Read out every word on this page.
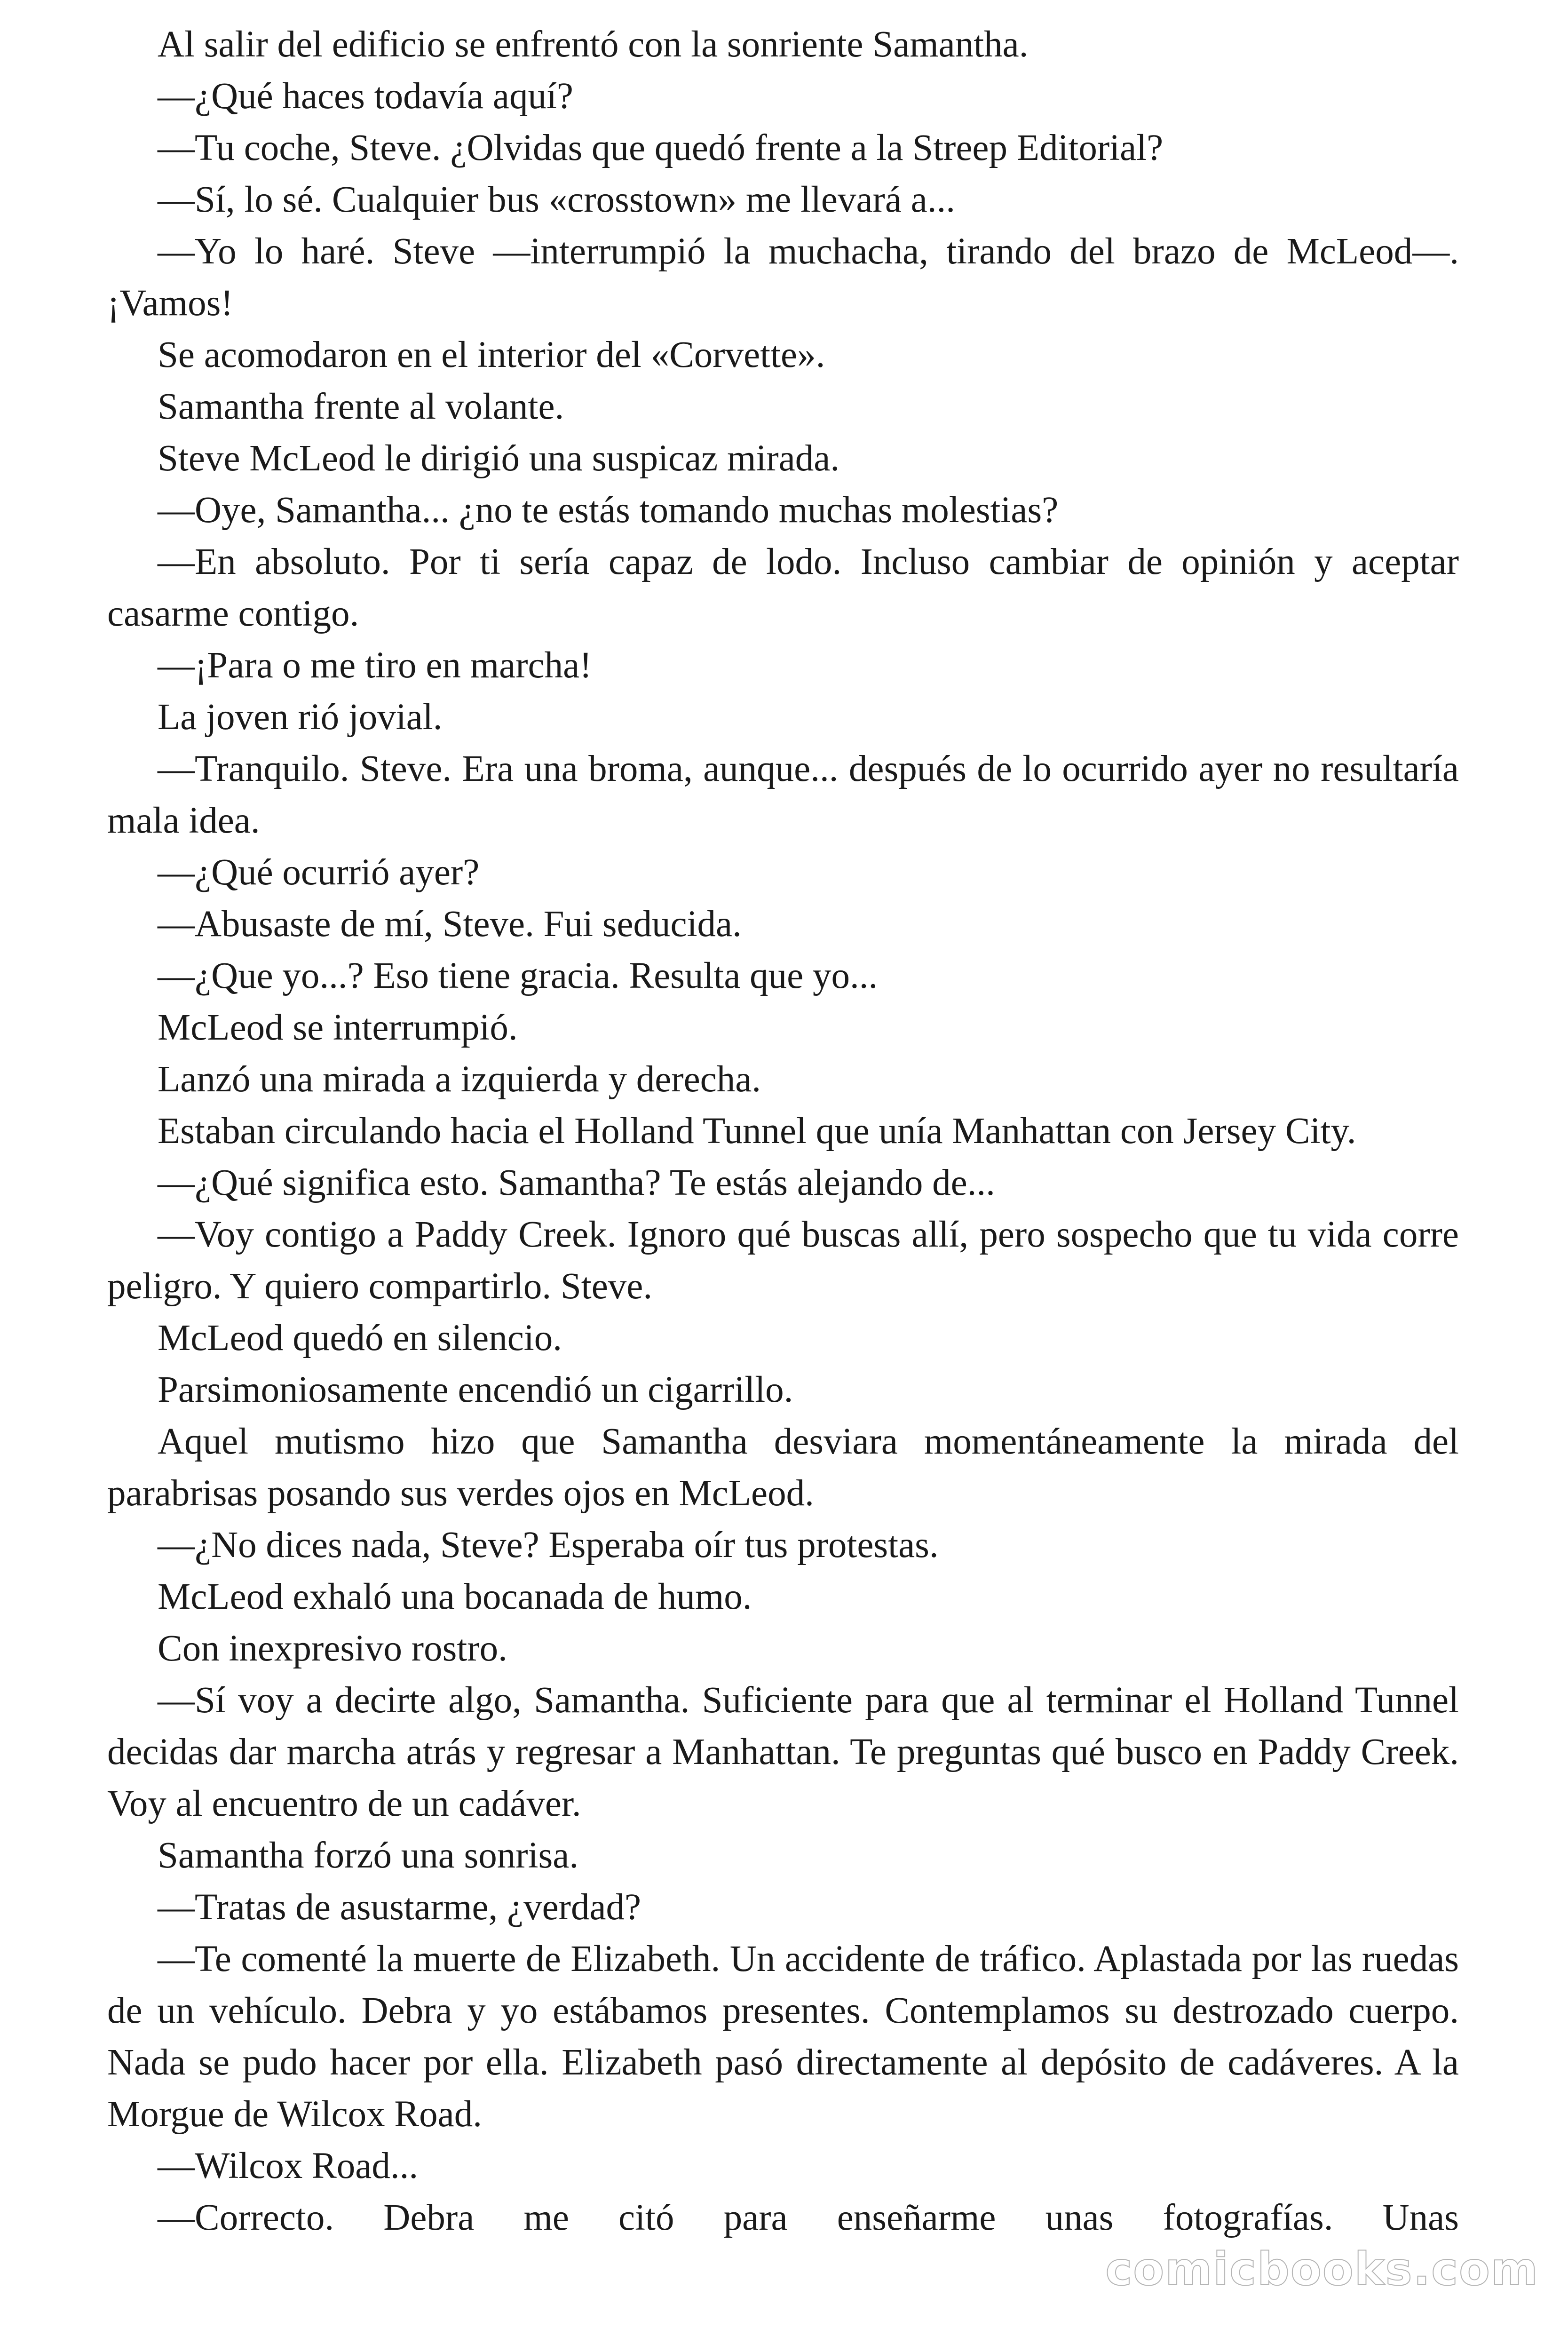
Al salir del edificio se enfrentó con la sonriente Samantha.

—¿Qué haces todavía aquí?

—Tu coche, Steve. ¿Olvidas que quedó frente a la Streep Editorial?

—Sí, lo sé. Cualquier bus «crosstown» me llevará a...

—Yo lo haré. Steve —interrumpió la muchacha, tirando del brazo de McLeod—. ¡Vamos!

Se acomodaron en el interior del «Corvette».

Samantha frente al volante.

Steve McLeod le dirigió una suspicaz mirada.

—Oye, Samantha... ¿no te estás tomando muchas molestias?

—En absoluto. Por ti sería capaz de lodo. Incluso cambiar de opinión y aceptar casarme contigo.

—¡Para o me tiro en marcha!

La joven rió jovial.

—Tranquilo. Steve. Era una broma, aunque... después de lo ocurrido ayer no resultaría mala idea.

—¿Qué ocurrió ayer?

—Abusaste de mí, Steve. Fui seducida.

—¿Que yo...? Eso tiene gracia. Resulta que yo...

McLeod se interrumpió.

Lanzó una mirada a izquierda y derecha.

Estaban circulando hacia el Holland Tunnel que unía Manhattan con Jersey City.

—¿Qué significa esto. Samantha? Te estás alejando de...

—Voy contigo a Paddy Creek. Ignoro qué buscas allí, pero sospecho que tu vida corre peligro. Y quiero compartirlo. Steve.

McLeod quedó en silencio.

Parsimoniosamente encendió un cigarrillo.

Aquel mutismo hizo que Samantha desviara momentáneamente la mirada del parabrisas posando sus verdes ojos en McLeod.

—¿No dices nada, Steve? Esperaba oír tus protestas.

McLeod exhaló una bocanada de humo.

Con inexpresivo rostro.

—Sí voy a decirte algo, Samantha. Suficiente para que al terminar el Holland Tunnel decidas dar marcha atrás y regresar a Manhattan. Te preguntas qué busco en Paddy Creek. Voy al encuentro de un cadáver.

Samantha forzó una sonrisa.

—Tratas de asustarme, ¿verdad?

—Te comenté la muerte de Elizabeth. Un accidente de tráfico. Aplastada por las ruedas de un vehículo. Debra y yo estábamos presentes. Contemplamos su destrozado cuerpo. Nada se pudo hacer por ella. Elizabeth pasó directamente al depósito de cadáveres. A la Morgue de Wilcox Road.

—Wilcox Road...

—Correcto. Debra me citó para enseñarme unas fotografías. Unas

comicbooks.com
